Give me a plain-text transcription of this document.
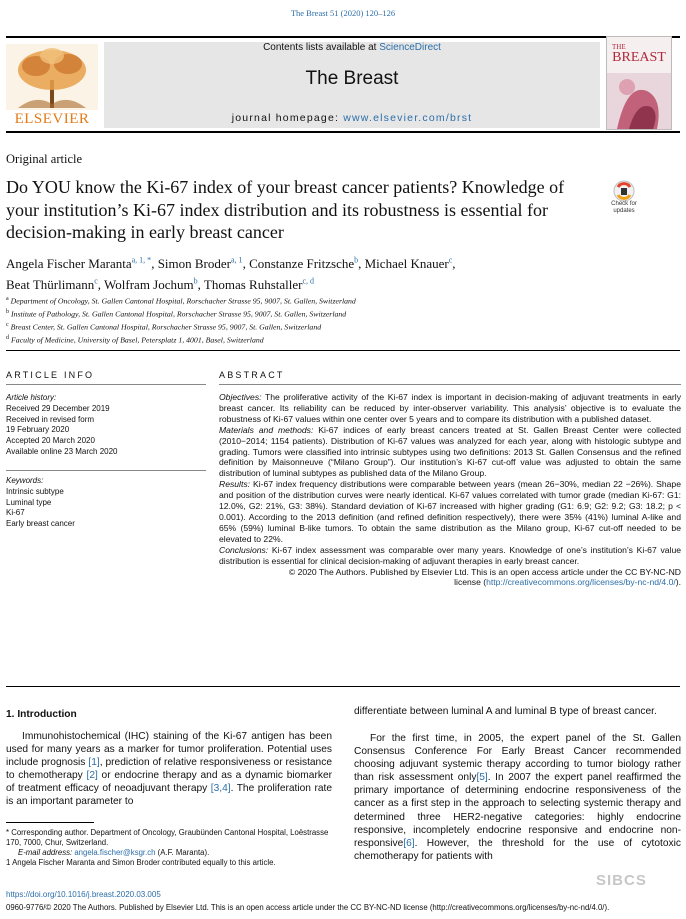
The Breast 51 (2020) 120–126
ELSEVIER
Contents lists available at ScienceDirect
The Breast
journal homepage: www.elsevier.com/brst
THE
BREAST
Original article
Do YOU know the Ki-67 index of your breast cancer patients? Knowledge of your institution’s Ki-67 index distribution and its robustness is essential for decision-making in early breast cancer
Check for updates
Angela Fischer Maranta$^{a, 1, *}$, Simon Broder$^{a, 1}$, Constanze Fritzsche$^b$, Michael Knauer$^c$,
Beat Thürlimann$^c$, Wolfram Jochum$^b$, Thomas Ruhstaller$^{c, d}$
$^a$ Department of Oncology, St. Gallen Cantonal Hospital, Rorschacher Strasse 95, 9007, St. Gallen, Switzerland
$^b$ Institute of Pathology, St. Gallen Cantonal Hospital, Rorschacher Strasse 95, 9007, St. Gallen, Switzerland
$^c$ Breast Center, St. Gallen Cantonal Hospital, Rorschacher Strasse 95, 9007, St. Gallen, Switzerland
$^d$ Faculty of Medicine, University of Basel, Petersplatz 1, 4001, Basel, Switzerland
ARTICLE INFO	ABSTRACT
Article history:
Received 29 December 2019
Received in revised form
19 February 2020
Accepted 20 March 2020
Available online 23 March 2020
Keywords:
Intrinsic subtype
Luminal type
Ki-67
Early breast cancer

Objectives: The proliferative activity of the Ki-67 index is important in decision-making of adjuvant treatments in early breast cancer. Its reliability can be reduced by inter-observer variability. This analysis’ objective is to evaluate the robustness of Ki-67 values within one center over 5 years and to compare its distribution with a published dataset.

Materials and methods: Ki-67 indices of early breast cancers treated at St. Gallen Breast Center were collected (2010−2014; 1154 patients). Distribution of Ki-67 values was analyzed for each year, along with histologic subtype and grading. Tumors were classified into intrinsic subtypes using two definitions: 2013 St. Gallen Consensus and the refined definition by Maisonneuve (“Milano Group”). Our institution’s Ki-67 cut-off value was adjusted to obtain the same distribution of luminal subtypes as published data of the Milano Group.

Results: Ki-67 index frequency distributions were comparable between years (mean 26−30%, median 22 −26%). Shape and position of the distribution curves were nearly identical. Ki-67 values correlated with tumor grade (median Ki-67: G1: 12.0%, G2: 21%, G3: 38%). Standard deviation of Ki-67 increased with higher grading (G1: 6.9; G2: 9.2; G3: 18.2; p < 0.001). According to the 2013 definition (and refined definition respectively), there were 35% (41%) luminal A-like and 65% (59%) luminal B-like tumors. To obtain the same distribution as the Milano group, Ki-67 cut-off needed to be elevated to 22%.

Conclusions: Ki-67 index assessment was comparable over many years. Knowledge of one’s institution’s Ki-67 value distribution is essential for clinical decision-making of adjuvant therapies in early breast cancer.

© 2020 The Authors. Published by Elsevier Ltd. This is an open access article under the CC BY-NC-ND
license (http://creativecommons.org/licenses/by-nc-nd/4.0/).

1. Introduction
Immunohistochemical (IHC) staining of the Ki-67 antigen has been used for many years as a marker for tumor proliferation. Potential uses include prognosis [1], prediction of relative responsiveness or resistance to chemotherapy [2] or endocrine therapy and as a dynamic biomarker of treatment efficacy of neoadjuvant therapy [3,4]. The proliferation rate is an important parameter to
differentiate between luminal A and luminal B type of breast cancer.
For the first time, in 2005, the expert panel of the St. Gallen Consensus Conference For Early Breast Cancer recommended choosing adjuvant systemic therapy according to tumor biology rather than risk assessment only[5]. In 2007 the expert panel reaffirmed the primary importance of determining endocrine responsiveness of the cancer as a first step in the approach to selecting systemic therapy and determined three HER2-negative categories: highly endocrine responsive, incompletely endocrine responsive and endocrine non-responsive[6]. However, the threshold for the use of cytotoxic chemotherapy for patients with
* Corresponding author. Department of Oncology, Graubünden Cantonal Hospital, Loëstrasse 170, 7000, Chur, Switzerland.
E-mail address: angela.fischer@ksgr.ch (A.F. Maranta).
1 Angela Fischer Maranta and Simon Broder contributed equally to this article.
https://doi.org/10.1016/j.breast.2020.03.005
0960-9776/© 2020 The Authors. Published by Elsevier Ltd. This is an open access article under the CC BY-NC-ND license (http://creativecommons.org/licenses/by-nc-nd/4.0/).
SIBCS
